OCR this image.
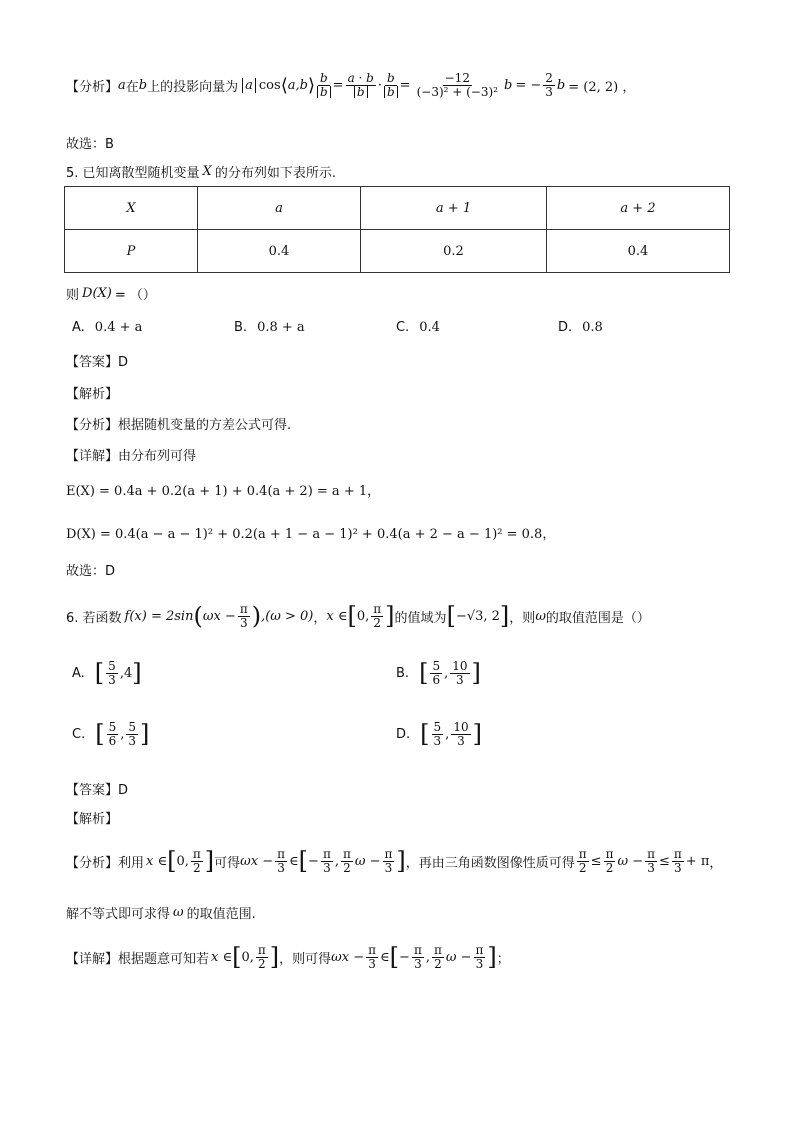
【分析】 a 在 b 上的投影向量为 a cos ⟨ a,b ⟩ $\frac{b}{b} = \frac{a \cdot b}{b} \cdot \frac{b}{b} = \frac{-12}{\text{(−3)² + (−3)²}}$ b = − $\frac{2}{3}$ b = (2, 2) ，
故选：B
5. 已知离散型随机变量 X 的分布列如下表所示.
X	a	a + 1	a + 2
P	0.4	0.2	0.4
则 D(X) = （）
A. 0.4 + a	B. 0.8 + a	C. 0.4	D. 0.8
【答案】D
【解析】
【分析】根据随机变量的方差公式可得.
【详解】由分布列可得
E(X) = 0.4a + 0.2(a + 1) + 0.4(a + 2) = a + 1，
D(X) = 0.4(a − a − 1)² + 0.2(a + 1 − a − 1)² + 0.4(a + 2 − a − 1)² = 0.8，
故选：D
6. 若函数 f(x) = 2sin ( $\omega x - \frac{\pi}{3}$ ) ,(ω > 0) ， x ∈ [ 0, $\frac{\pi}{2}$ ] 的值域为 [ −√3, 2 ] ，则 ω 的取值范围是（）
A. [ $\frac{5}{3}$ , 4 ]	B. [ $\frac{5}{6}$ , $\frac{10}{3}$ ]
C. [ $\frac{5}{6}$ , $\frac{5}{3}$ ]	D. [ $\frac{5}{3}$ , $\frac{10}{3}$ ]
【答案】D
【解析】
【分析】利用 x ∈ [ 0, $\frac{\pi}{2}$ ] 可得 $\omega x - \frac{\pi}{3}$ ∈ [ − $\frac{\pi}{3}$ , $\frac{\pi}{2}$ $\omega - \frac{\pi}{3}$ ] ，再由三角函数图像性质可得 $\frac{\pi}{2} \le \frac{\pi}{2}$ $\omega - \frac{\pi}{3} \le \frac{\pi}{3} + \pi$ ，
解不等式即可求得 ω 的取值范围.
【详解】根据题意可知若 x ∈ [ 0, $\frac{\pi}{2}$ ] ，则可得 $\omega x - \frac{\pi}{3}$ ∈ [ − $\frac{\pi}{3}$ , $\frac{\pi}{2}$ $\omega - \frac{\pi}{3}$ ] ；
